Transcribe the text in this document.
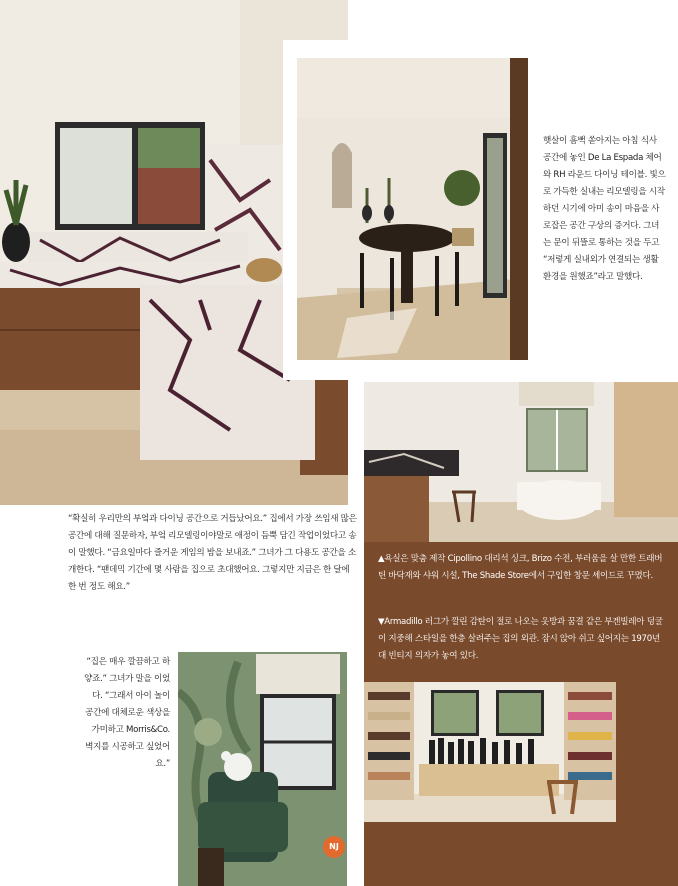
햇살이 흠뻑 쏟아지는 아침 식사 공간에 놓인 De La Espada 체어와 RH 라운드 다이닝 테이블. 빛으로 가득한 실내는 리모델링을 시작하던 시기에 아미 송이 마음을 사로잡은 공간 구상의 증거다. 그녀는 문이 뒤뜰로 통하는 것을 두고 “저렇게 실내외가 연결되는 생활환경을 원했죠”라고 말했다.

▲욕실은 맞춤 제작 Cipollino 대리석 싱크, Brizo 수전, 부러움을 살 만한 트래버틴 바닥재와 샤워 시설, The Shade Store에서 구입한 창문 셰이드로 꾸몄다.

▼Armadillo 러그가 깔린 감탄이 절로 나오는 옷방과 꿈결 같은 부겐빌레아 덩굴이 지중해 스타일을 한층 살려주는 집의 외관. 잠시 앉아 쉬고 싶어지는 1970년대 빈티지 의자가 놓여 있다.

“확실히 우리만의 부엌과 다이닝 공간으로 거듭났어요.” 집에서 가장 쓰임새 많은 공간에 대해 질문하자, 부엌 리모델링이야말로 애정이 듬뿍 담긴 작업이었다고 송이 말했다. “금요일마다 즐거운 게임의 밤을 보내죠.” 그녀가 그 다용도 공간을 소개한다. “팬데믹 기간에 몇 사람을 집으로 초대했어요. 그렇지만 지금은 한 달에 한 번 정도 해요.”

“집은 매우 깔끔하고 하얗죠.” 그녀가 말을 이었다. “그래서 아이 놀이 공간에 대체로운 색상을 가미하고 Morris&Co. 벽지를 시공하고 싶었어요.”

NJ
